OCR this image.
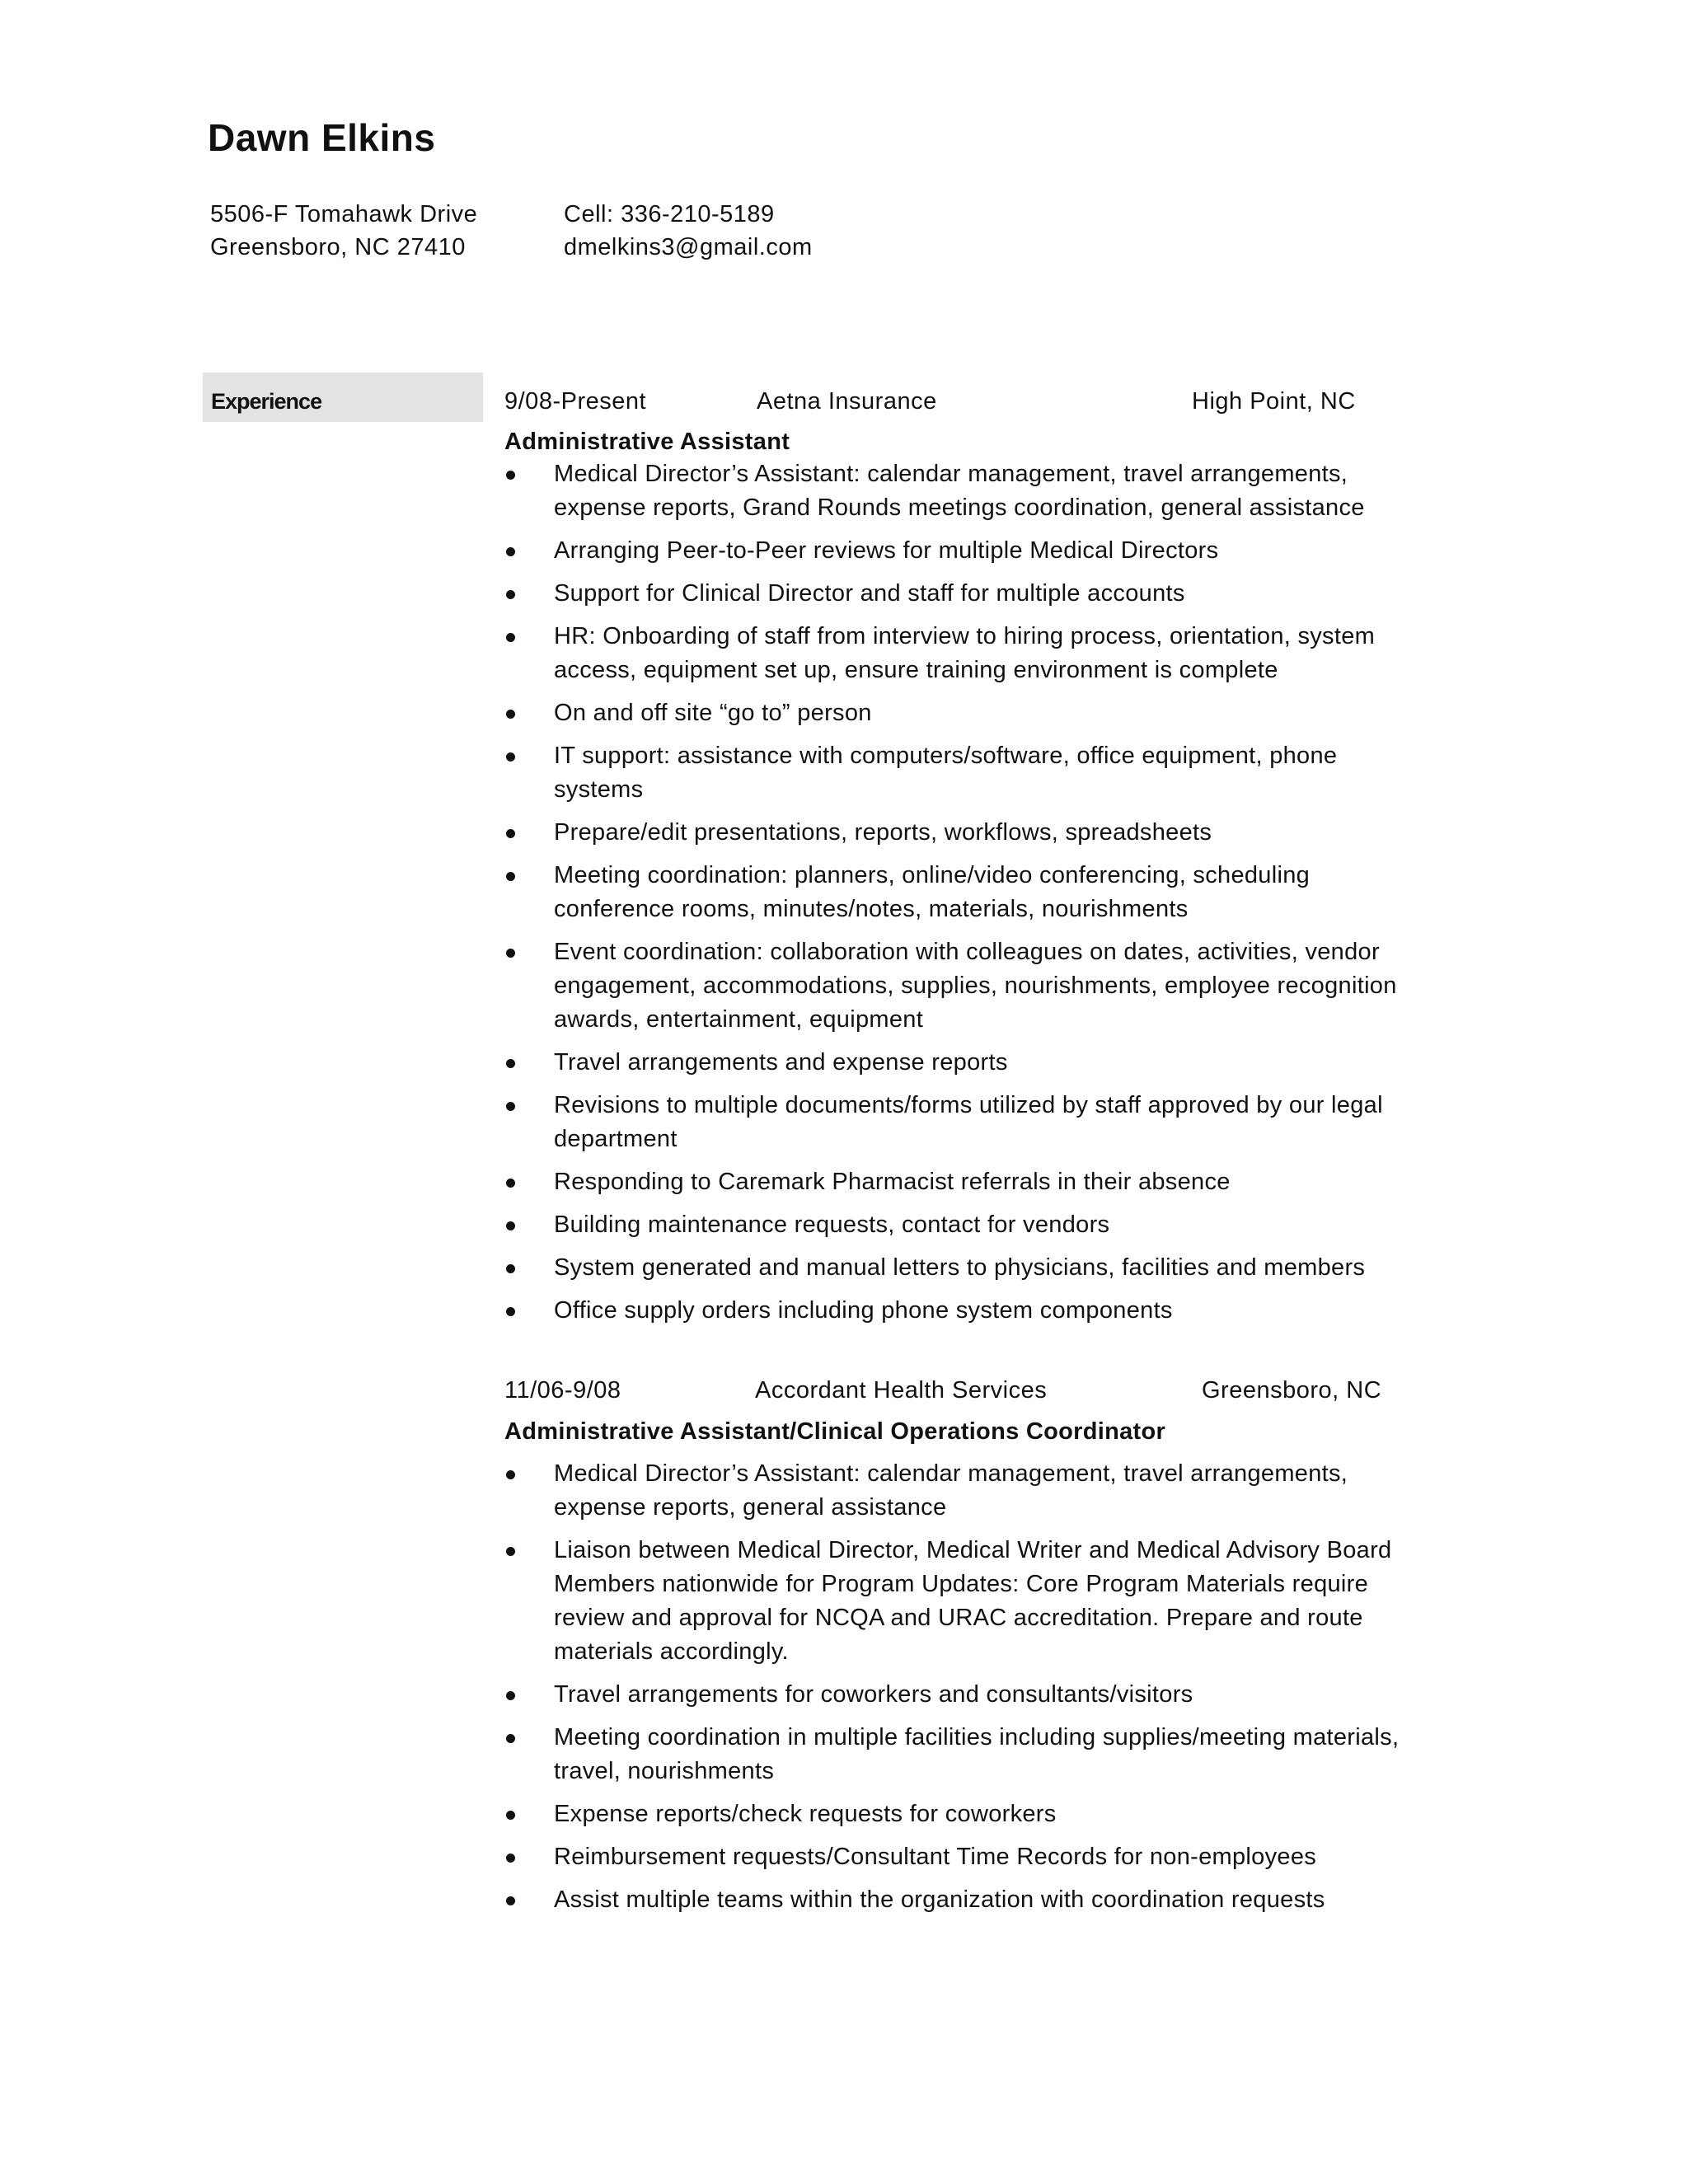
Dawn Elkins
5506-F Tomahawk Drive
Greensboro, NC 27410
Cell: 336-210-5189
dmelkins3@gmail.com
Experience	9/08-Present	Aetna Insurance	High Point, NC
Administrative Assistant
Medical Director’s Assistant: calendar management, travel arrangements, expense reports, Grand Rounds meetings coordination, general assistance
Arranging Peer-to-Peer reviews for multiple Medical Directors
Support for Clinical Director and staff for multiple accounts
HR: Onboarding of staff from interview to hiring process, orientation, system access, equipment set up, ensure training environment is complete
On and off site “go to” person
IT support: assistance with computers/software, office equipment, phone systems
Prepare/edit presentations, reports, workflows, spreadsheets
Meeting coordination: planners, online/video conferencing, scheduling conference rooms, minutes/notes, materials, nourishments
Event coordination: collaboration with colleagues on dates, activities, vendor engagement, accommodations, supplies, nourishments, employee recognition awards, entertainment, equipment
Travel arrangements and expense reports
Revisions to multiple documents/forms utilized by staff approved by our legal department
Responding to Caremark Pharmacist referrals in their absence
Building maintenance requests, contact for vendors
System generated and manual letters to physicians, facilities and members
Office supply orders including phone system components
11/06-9/08	Accordant Health Services	Greensboro, NC
Administrative Assistant/Clinical Operations Coordinator
Medical Director’s Assistant: calendar management, travel arrangements, expense reports, general assistance
Liaison between Medical Director, Medical Writer and Medical Advisory Board Members nationwide for Program Updates: Core Program Materials require review and approval for NCQA and URAC accreditation. Prepare and route materials accordingly.
Travel arrangements for coworkers and consultants/visitors
Meeting coordination in multiple facilities including supplies/meeting materials, travel, nourishments
Expense reports/check requests for coworkers
Reimbursement requests/Consultant Time Records for non-employees
Assist multiple teams within the organization with coordination requests
